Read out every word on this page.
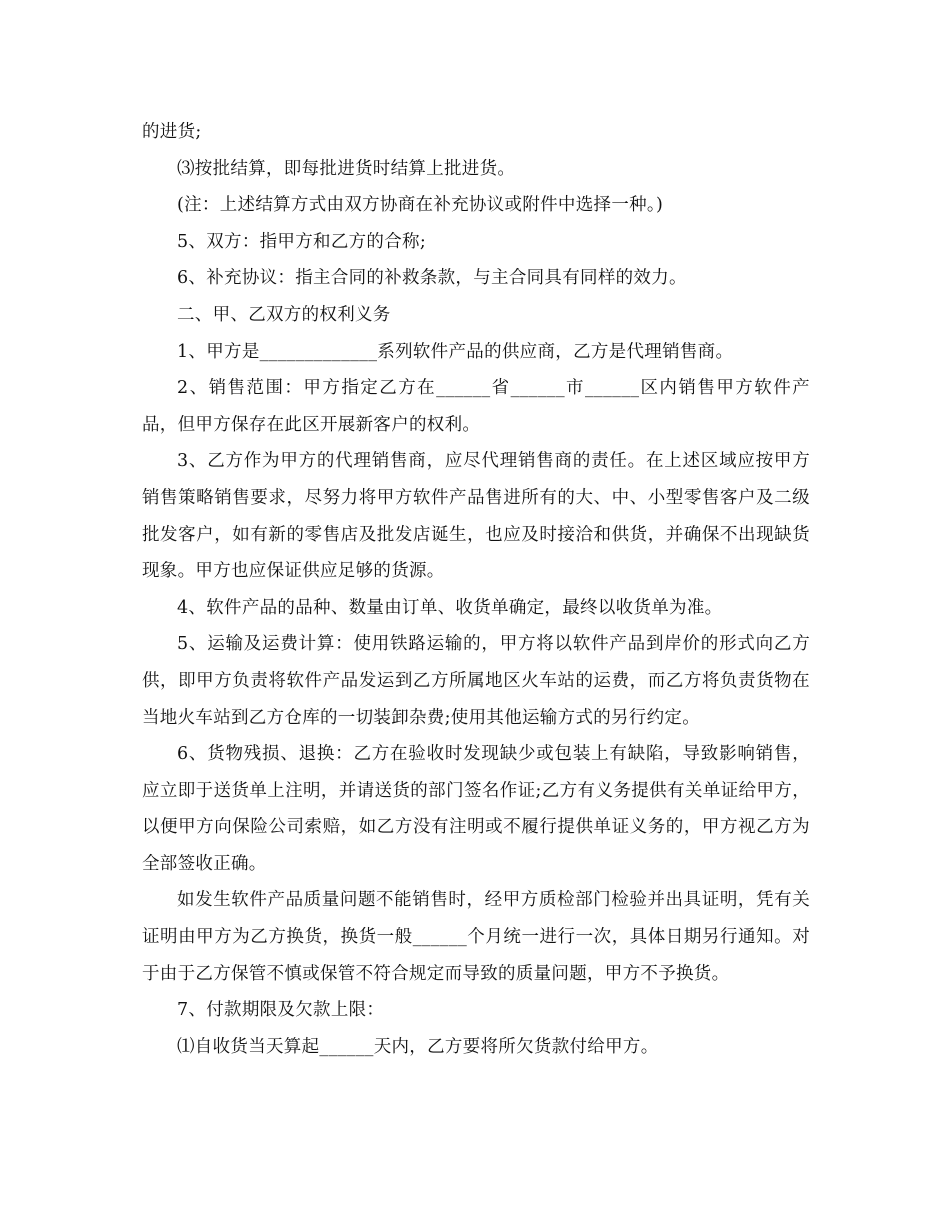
的进货;

⑶按批结算，即每批进货时结算上批进货。

(注：上述结算方式由双方协商在补充协议或附件中选择一种。)

5、双方：指甲方和乙方的合称;

6、补充协议：指主合同的补救条款，与主合同具有同样的效力。

二、甲、乙双方的权利义务

1、甲方是_____________系列软件产品的供应商，乙方是代理销售商。

2、销售范围：甲方指定乙方在______省______市______区内销售甲方软件产品，但甲方保存在此区开展新客户的权利。

3、乙方作为甲方的代理销售商，应尽代理销售商的责任。在上述区域应按甲方销售策略销售要求，尽努力将甲方软件产品售进所有的大、中、小型零售客户及二级批发客户，如有新的零售店及批发店诞生，也应及时接洽和供货，并确保不出现缺货现象。甲方也应保证供应足够的货源。

4、软件产品的品种、数量由订单、收货单确定，最终以收货单为准。

5、运输及运费计算：使用铁路运输的，甲方将以软件产品到岸价的形式向乙方供，即甲方负责将软件产品发运到乙方所属地区火车站的运费，而乙方将负责货物在当地火车站到乙方仓库的一切装卸杂费;使用其他运输方式的另行约定。

6、货物残损、退换：乙方在验收时发现缺少或包装上有缺陷，导致影响销售，应立即于送货单上注明，并请送货的部门签名作证;乙方有义务提供有关单证给甲方，以便甲方向保险公司索赔，如乙方没有注明或不履行提供单证义务的，甲方视乙方为全部签收正确。

如发生软件产品质量问题不能销售时，经甲方质检部门检验并出具证明，凭有关证明由甲方为乙方换货，换货一般______个月统一进行一次，具体日期另行通知。对于由于乙方保管不慎或保管不符合规定而导致的质量问题，甲方不予换货。

7、付款期限及欠款上限：

⑴自收货当天算起______天内，乙方要将所欠货款付给甲方。
